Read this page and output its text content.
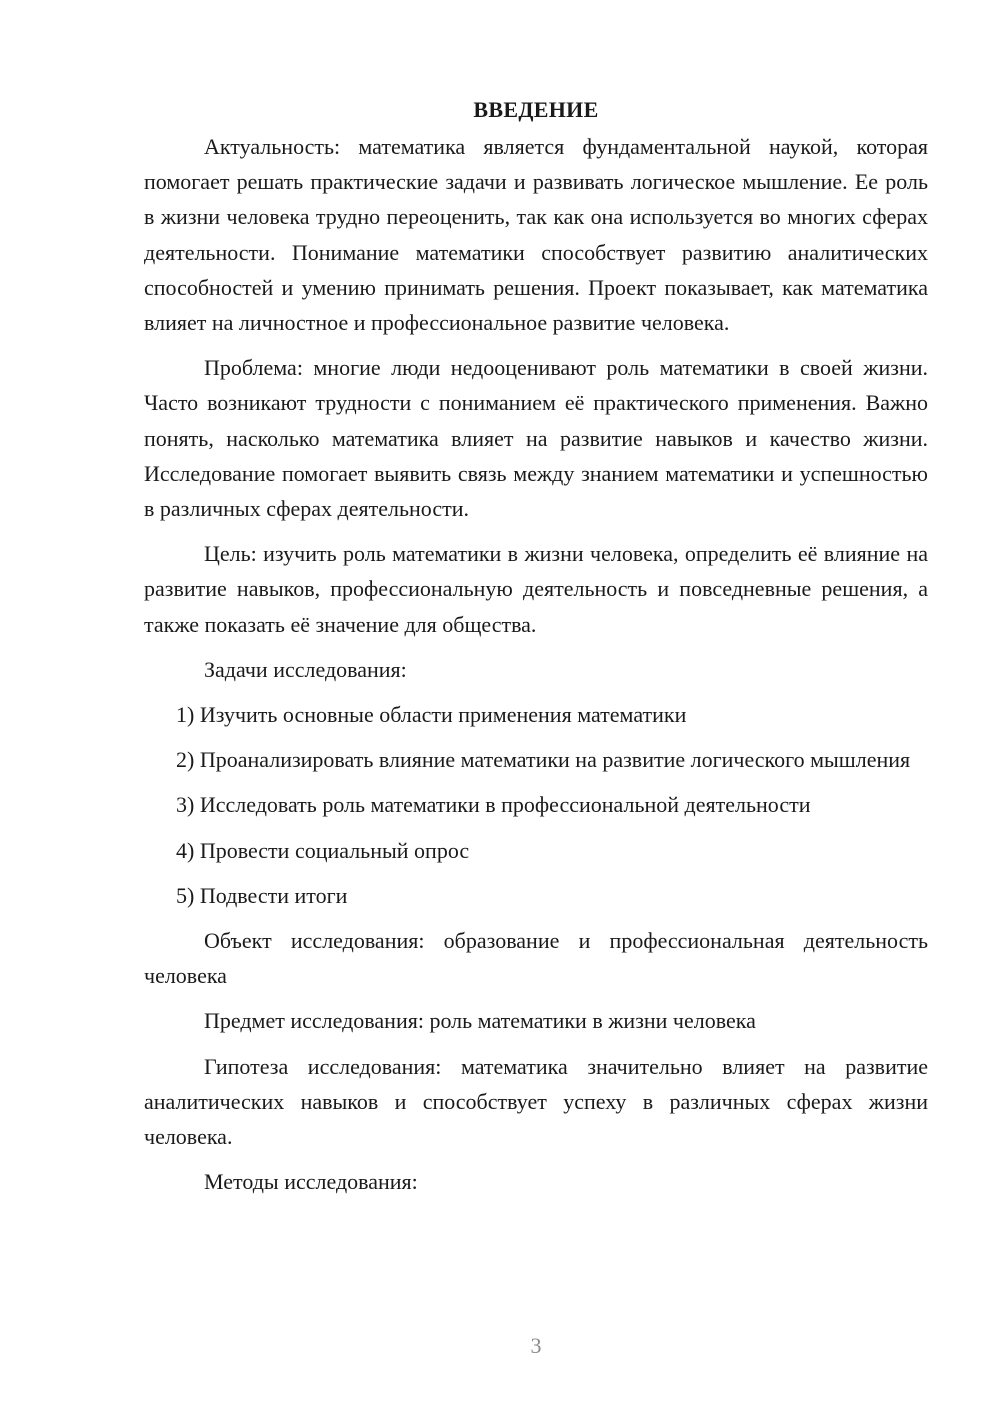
ВВЕДЕНИЕ

Актуальность: математика является фундаментальной наукой, которая помогает решать практические задачи и развивать логическое мышление. Ее роль в жизни человека трудно переоценить, так как она используется во многих сферах деятельности. Понимание математики способствует развитию аналитических способностей и умению принимать решения. Проект показывает, как математика влияет на личностное и профессиональное развитие человека.

Проблема: многие люди недооценивают роль математики в своей жизни. Часто возникают трудности с пониманием её практического применения. Важно понять, насколько математика влияет на развитие навыков и качество жизни. Исследование помогает выявить связь между знанием математики и успешностью в различных сферах деятельности.

Цель: изучить роль математики в жизни человека, определить её влияние на развитие навыков, профессиональную деятельность и повседневные решения, а также показать её значение для общества.

Задачи исследования:

1) Изучить основные области применения математики

2) Проанализировать влияние математики на развитие логического мышления

3) Исследовать роль математики в профессиональной деятельности

4) Провести социальный опрос

5) Подвести итоги

Объект исследования: образование и профессиональная деятельность человека

Предмет исследования: роль математики в жизни человека

Гипотеза исследования: математика значительно влияет на развитие аналитических навыков и способствует успеху в различных сферах жизни человека.

Методы исследования:

3
